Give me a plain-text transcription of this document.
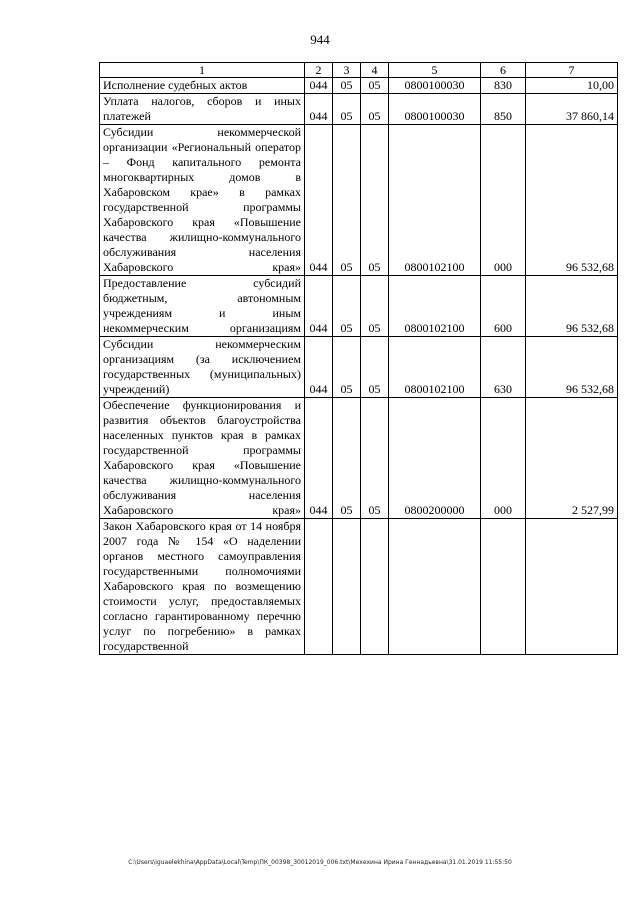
944
1	2	3	4	5	6	7
Исполнение судебных актов	044	05	05	0800100030	830	10,00
Уплата налогов, сборов и иных платежей	044	05	05	0800100030	850	37 860,14
Субсидии некоммерческой организации «Региональный оператор – Фонд капитального ремонта многоквартирных домов в Хабаровском крае» в рамках государственной программы Хабаровского края «Повышение качества жилищно-коммунального обслуживания населения Хабаровского края»	044	05	05	0800102100	000	96 532,68
Предоставление субсидий бюджетным, автономным учреждениям и иным некоммерческим организациям	044	05	05	0800102100	600	96 532,68
Субсидии некоммерческим организациям (за исключением государственных (муниципальных) учреждений)	044	05	05	0800102100	630	96 532,68
Обеспечение функционирования и развития объектов благоустройства населенных пунктов края в рамках государственной программы Хабаровского края «Повышение качества жилищно-коммунального обслуживания населения Хабаровского края»	044	05	05	0800200000	000	2 527,99
Закон Хабаровского края от 14 ноября 2007 года № 154 «О наделении органов местного самоуправления государственными полномочиями Хабаровского края по возмещению стоимости услуг, предоставляемых согласно гарантированному перечню услуг по погребению» в рамках государственной						
C:\Users\iguaelekhina\AppData\Local\Temp\ПК_00398_30012019_006.txt\Мехехина Ирина Геннадьевна\31.01.2019 11:55:50
